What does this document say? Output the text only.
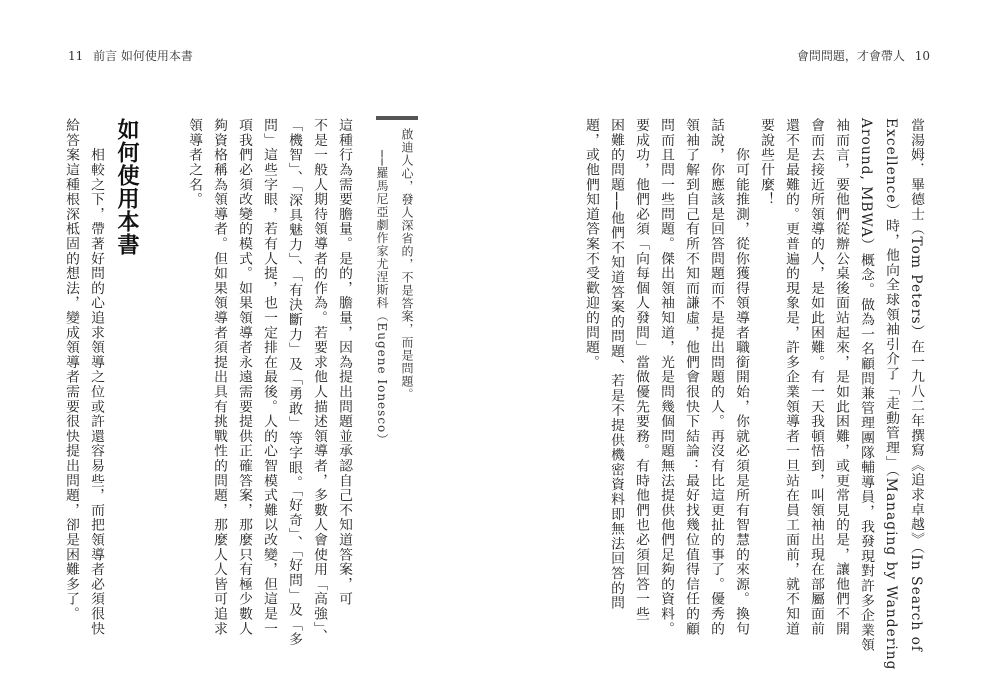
11 前言 如何使用本書	會問問題，才會帶人 10
當湯姆．畢德士（Tom Peters）在一九八二年撰寫《追求卓越》（In Search of
Excellence）時，他向全球領袖引介了「走動管理」（Managing by Wandering
Around, MBWA）概念。做為一名顧問兼管理團隊輔導員，我發現對許多企業領
袖而言，要他們從辦公桌後面站起來，是如此困難，或更常見的是，讓他們不開
會而去接近所領導的人，是如此困難。有一天我頓悟到，叫領袖出現在部屬面前
還不是最難的。更普遍的現象是，許多企業領導者一旦站在員工面前，就不知道
要說些什麼！
　　你可能推測，從你獲得領導者職銜開始，你就必須是所有智慧的來源。換句
話說，你應該是回答問題而不是提出問題的人。再沒有比這更扯的事了。優秀的
領袖了解到自己有所不知而謙虛，他們會很快下結論：最好找幾位值得信任的顧
問而且問一些問題。傑出領袖知道，光是問幾個問題無法提供他們足夠的資料。
要成功，他們必須「向每個人發問」當做優先要務。有時他們也必須回答一些
困難的問題──他們不知道答案的問題、若是不提供機密資料即無法回答的問
題，或他們知道答案不受歡迎的問題。
啟迪人心，發人深省的，不是答案，而是問題。
──羅馬尼亞劇作家尤涅斯科（Eugene Ionesco）
這種行為需要膽量。是的，膽量，因為提出問題並承認自己不知道答案，可
不是一般人期待領導者的作為。若要求他人描述領導者，多數人會使用「高強」、
「機智」、「深具魅力」、「有決斷力」及「勇敢」等字眼。「好奇」、「好問」及「多
問」這些字眼，若有人提，也一定排在最後。人的心智模式難以改變，但這是一
項我們必須改變的模式。如果領導者永遠需要提供正確答案，那麼只有極少數人
夠資格稱為領導者。但如果領導者須提出具有挑戰性的問題，那麼人人皆可追求
領導者之名。
如何使用本書
　　相較之下，帶著好問的心追求領導之位或許還容易些，而把領導者必須很快
給答案這種根深柢固的想法，變成領導者需要很快提出問題，卻是困難多了。
